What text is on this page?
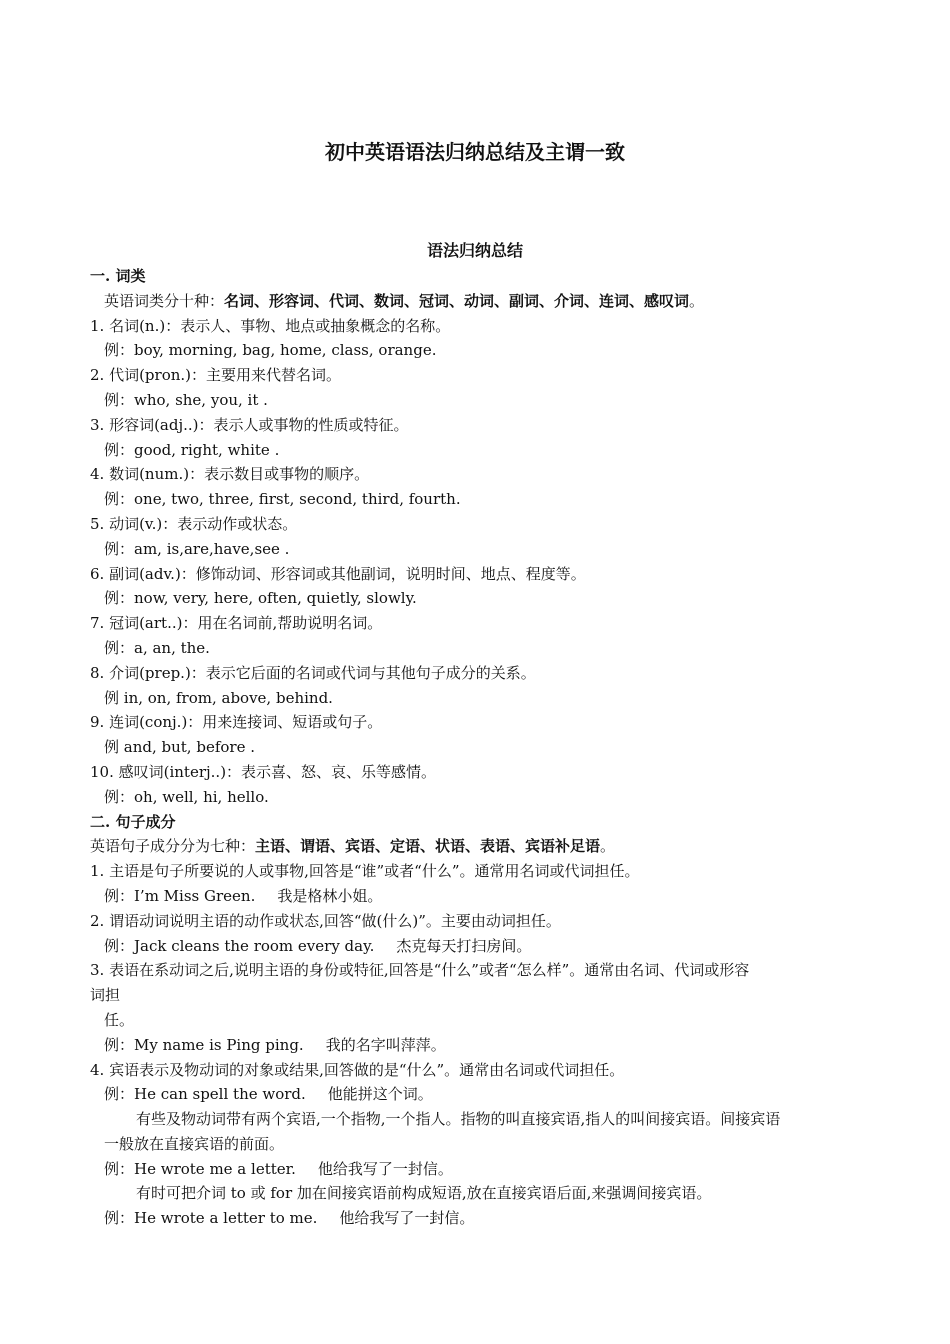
初中英语语法归纳总结及主谓一致
语法归纳总结
一. 词类
英语词类分十种：名词、形容词、代词、数词、冠词、动词、副词、介词、连词、感叹词。
1. 名词(n.)：表示人、事物、地点或抽象概念的名称。
例：boy, morning, bag, home, class, orange.
2. 代词(pron.)：主要用来代替名词。
例：who, she, you, it .
3. 形容词(adj..)：表示人或事物的性质或特征。
例：good, right, white .
4. 数词(num.)：表示数目或事物的顺序。
例：one, two, three, first, second, third, fourth.
5. 动词(v.)：表示动作或状态。
例：am, is,are,have,see .
6. 副词(adv.)：修饰动词、形容词或其他副词，说明时间、地点、程度等。
例：now, very, here, often, quietly, slowly.
7. 冠词(art..)：用在名词前,帮助说明名词。
例：a, an, the.
8. 介词(prep.)：表示它后面的名词或代词与其他句子成分的关系。
例 in, on, from, above, behind.
9. 连词(conj.)：用来连接词、短语或句子。
例 and, but, before .
10. 感叹词(interj..)：表示喜、怒、哀、乐等感情。
例：oh, well, hi, hello.
二. 句子成分
英语句子成分分为七种：主语、谓语、宾语、定语、状语、表语、宾语补足语。
1. 主语是句子所要说的人或事物,回答是“谁”或者“什么”。通常用名词或代词担任。
例：I’m Miss Green. 我是格林小姐。
2. 谓语动词说明主语的动作或状态,回答“做(什么)”。主要由动词担任。
例：Jack cleans the room every day. 杰克每天打扫房间。
3. 表语在系动词之后,说明主语的身份或特征,回答是“什么”或者“怎么样”。通常由名词、代词或形容
词担
任。
例：My name is Ping ping. 我的名字叫萍萍。
4. 宾语表示及物动词的对象或结果,回答做的是“什么”。通常由名词或代词担任。
例：He can spell the word. 他能拼这个词。
有些及物动词带有两个宾语,一个指物,一个指人。指物的叫直接宾语,指人的叫间接宾语。间接宾语
一般放在直接宾语的前面。
例：He wrote me a letter. 他给我写了一封信。
有时可把介词 to 或 for 加在间接宾语前构成短语,放在直接宾语后面,来强调间接宾语。
例：He wrote a letter to me. 他给我写了一封信。
